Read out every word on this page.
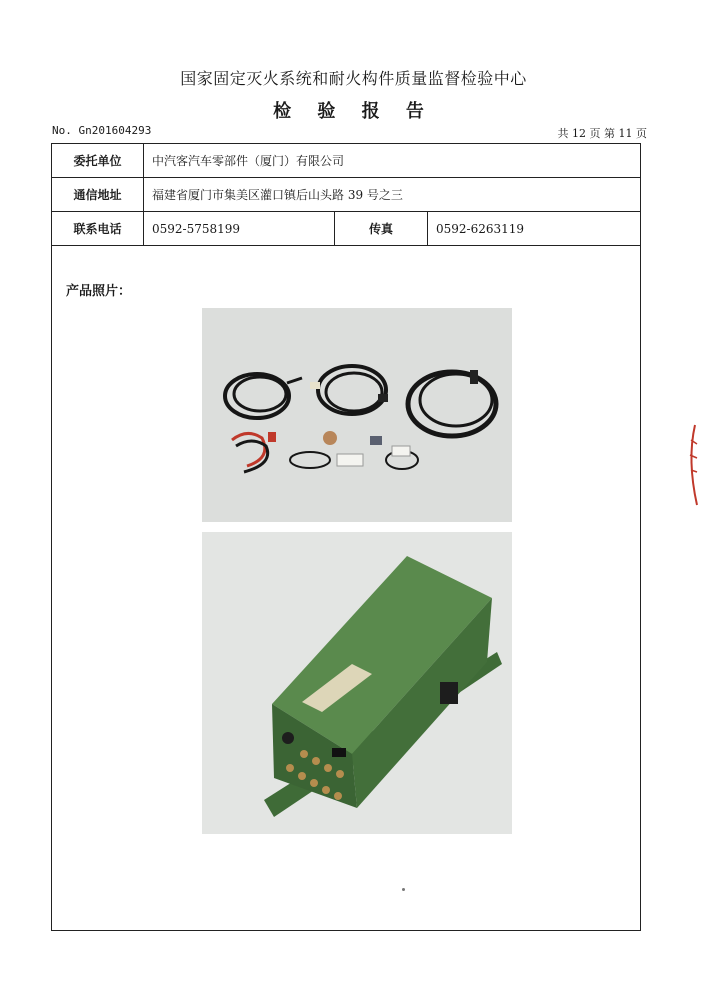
国家固定灭火系统和耐火构件质量监督检验中心
检 验 报 告
No. Gn201604293	共 12 页 第 11 页
委托单位	中汽客汽车零部件（厦门）有限公司
通信地址	福建省厦门市集美区灌口镇后山头路 39 号之三
联系电话	0592-5758199	传真	0592-6263119
产品照片：
